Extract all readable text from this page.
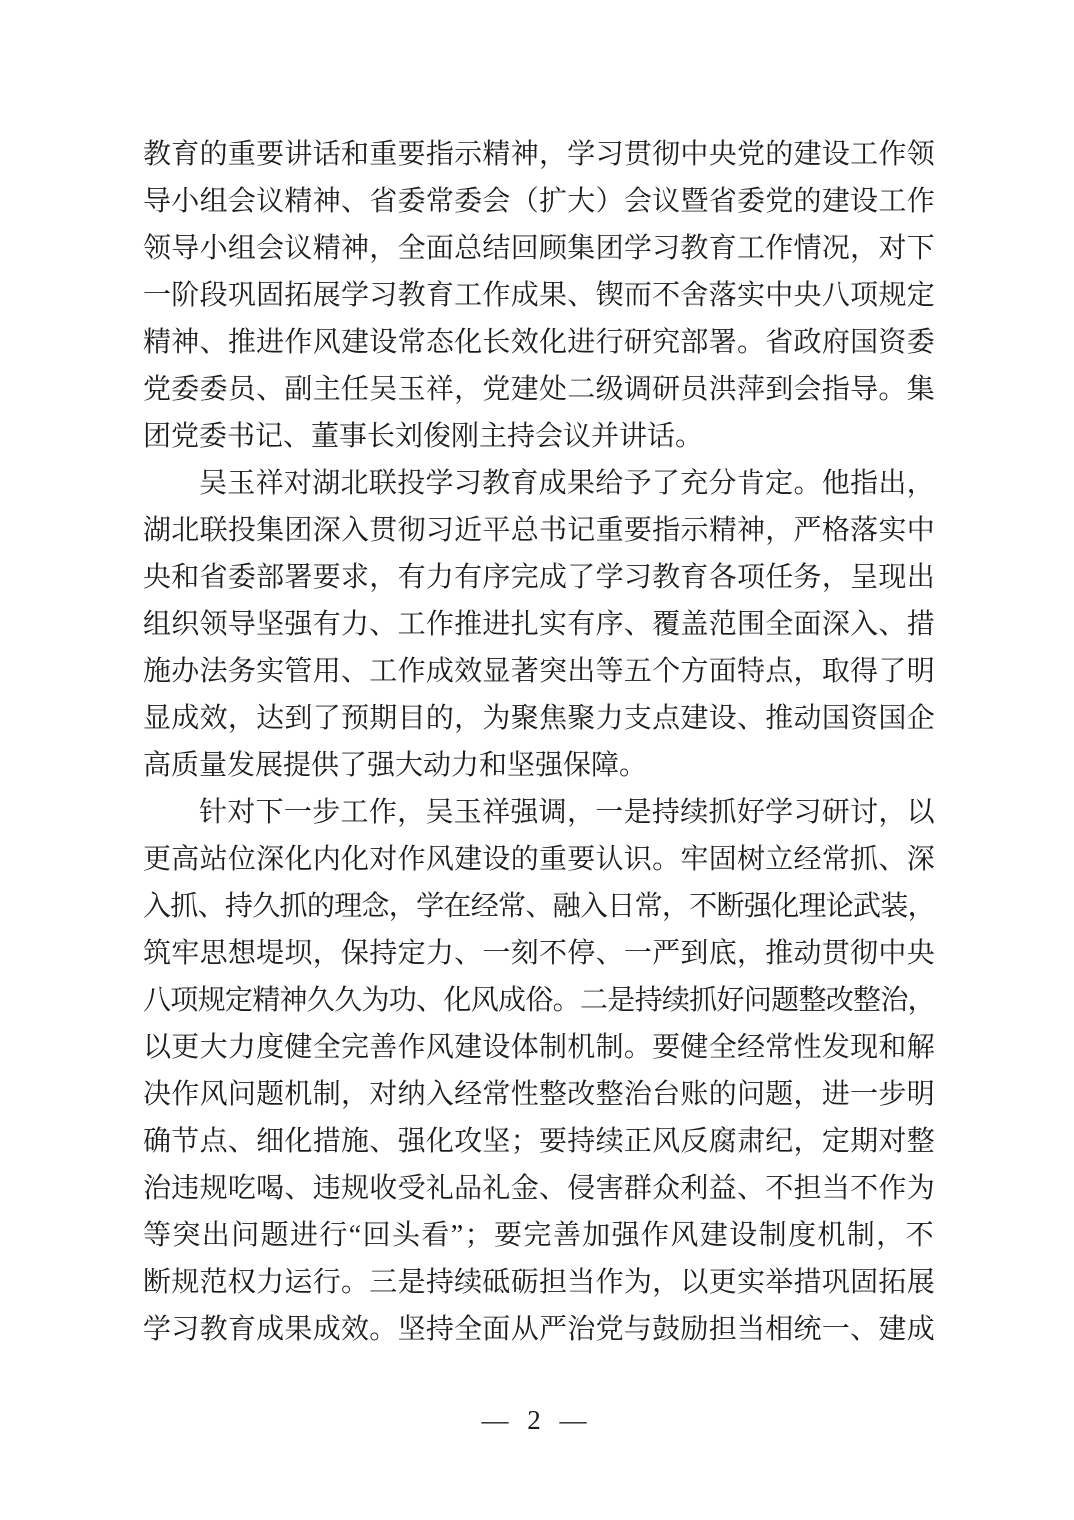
教育的重要讲话和重要指示精神，学习贯彻中央党的建设工作领
导小组会议精神、省委常委会（扩大）会议暨省委党的建设工作
领导小组会议精神，全面总结回顾集团学习教育工作情况，对下
一阶段巩固拓展学习教育工作成果、锲而不舍落实中央八项规定
精神、推进作风建设常态化长效化进行研究部署。省政府国资委
党委委员、副主任吴玉祥，党建处二级调研员洪萍到会指导。集
团党委书记、董事长刘俊刚主持会议并讲话。
吴玉祥对湖北联投学习教育成果给予了充分肯定。他指出，
湖北联投集团深入贯彻习近平总书记重要指示精神，严格落实中
央和省委部署要求，有力有序完成了学习教育各项任务，呈现出
组织领导坚强有力、工作推进扎实有序、覆盖范围全面深入、措
施办法务实管用、工作成效显著突出等五个方面特点，取得了明
显成效，达到了预期目的，为聚焦聚力支点建设、推动国资国企
高质量发展提供了强大动力和坚强保障。
针对下一步工作，吴玉祥强调，一是持续抓好学习研讨，以
更高站位深化内化对作风建设的重要认识。牢固树立经常抓、深
入抓、持久抓的理念，学在经常、融入日常，不断强化理论武装，
筑牢思想堤坝，保持定力、一刻不停、一严到底，推动贯彻中央
八项规定精神久久为功、化风成俗。二是持续抓好问题整改整治，
以更大力度健全完善作风建设体制机制。要健全经常性发现和解
决作风问题机制，对纳入经常性整改整治台账的问题，进一步明
确节点、细化措施、强化攻坚；要持续正风反腐肃纪，定期对整
治违规吃喝、违规收受礼品礼金、侵害群众利益、不担当不作为
等突出问题进行“回头看”；要完善加强作风建设制度机制，不
断规范权力运行。三是持续砥砺担当作为，以更实举措巩固拓展
学习教育成果成效。坚持全面从严治党与鼓励担当相统一、建成
— 2 —
